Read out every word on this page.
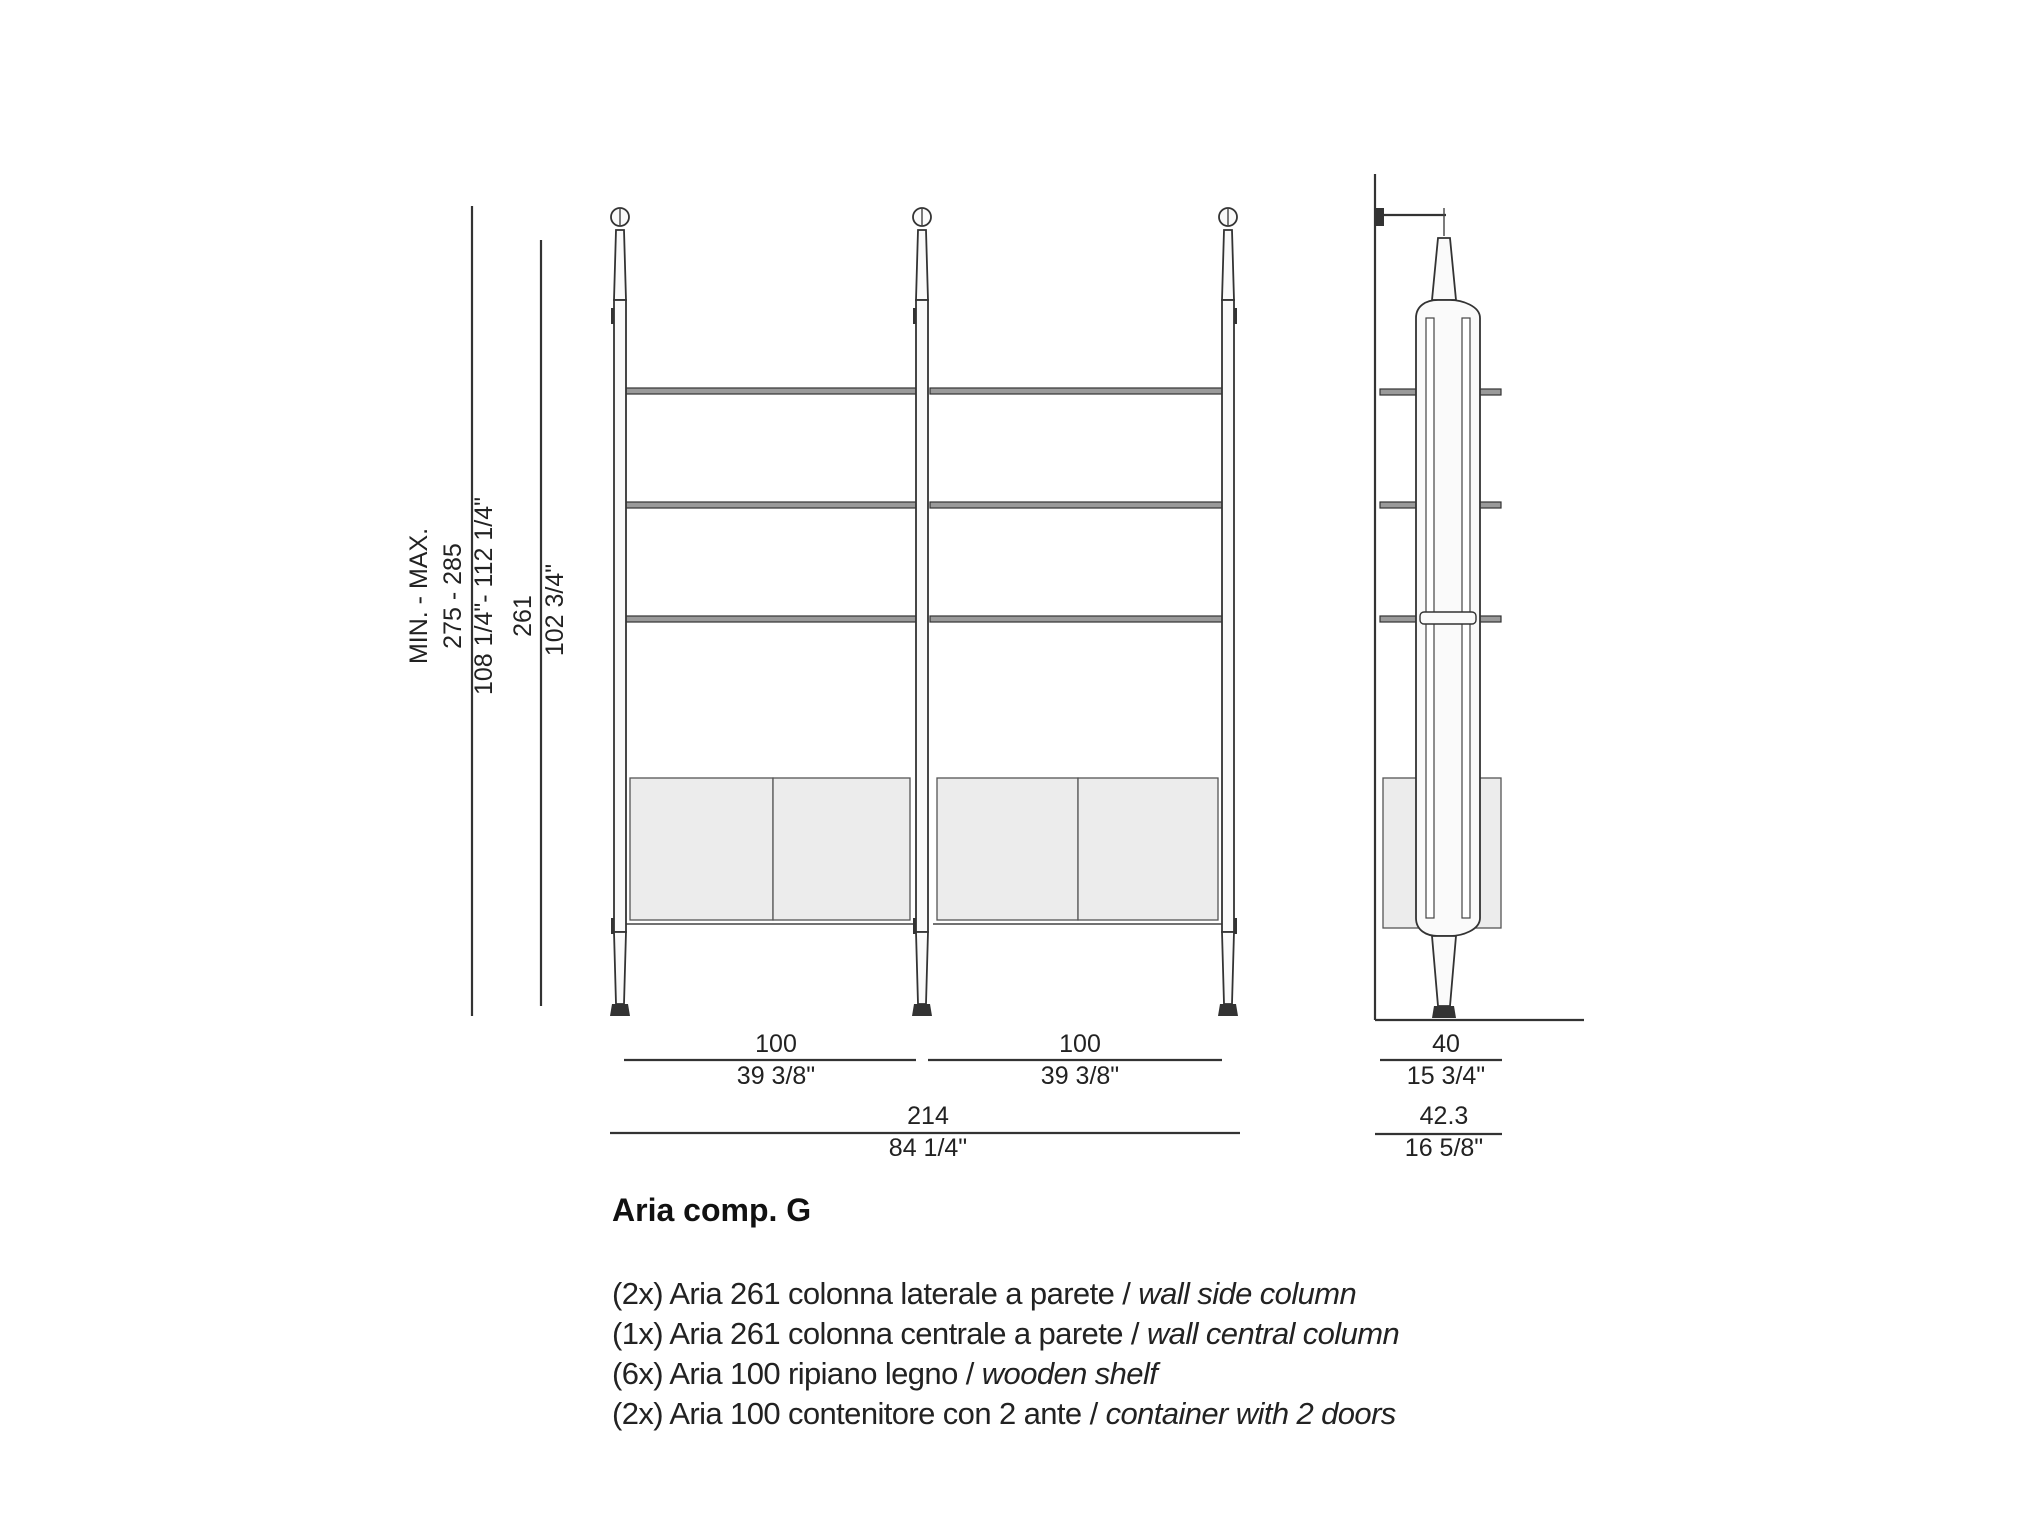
MIN. - MAX. 275 - 285 108 1/4"- 112 1/4" 261 102 3/4"
100
39 3/8"
100
39 3/8"
214
84 1/4"
40
15 3/4"
42.3
16 5/8"
Aria comp. G
(2x) Aria 261 colonna laterale a parete / wall side column
(1x) Aria 261 colonna centrale a parete / wall central column
(6x) Aria 100 ripiano legno / wooden shelf
(2x) Aria 100 contenitore con 2 ante / container with 2 doors
